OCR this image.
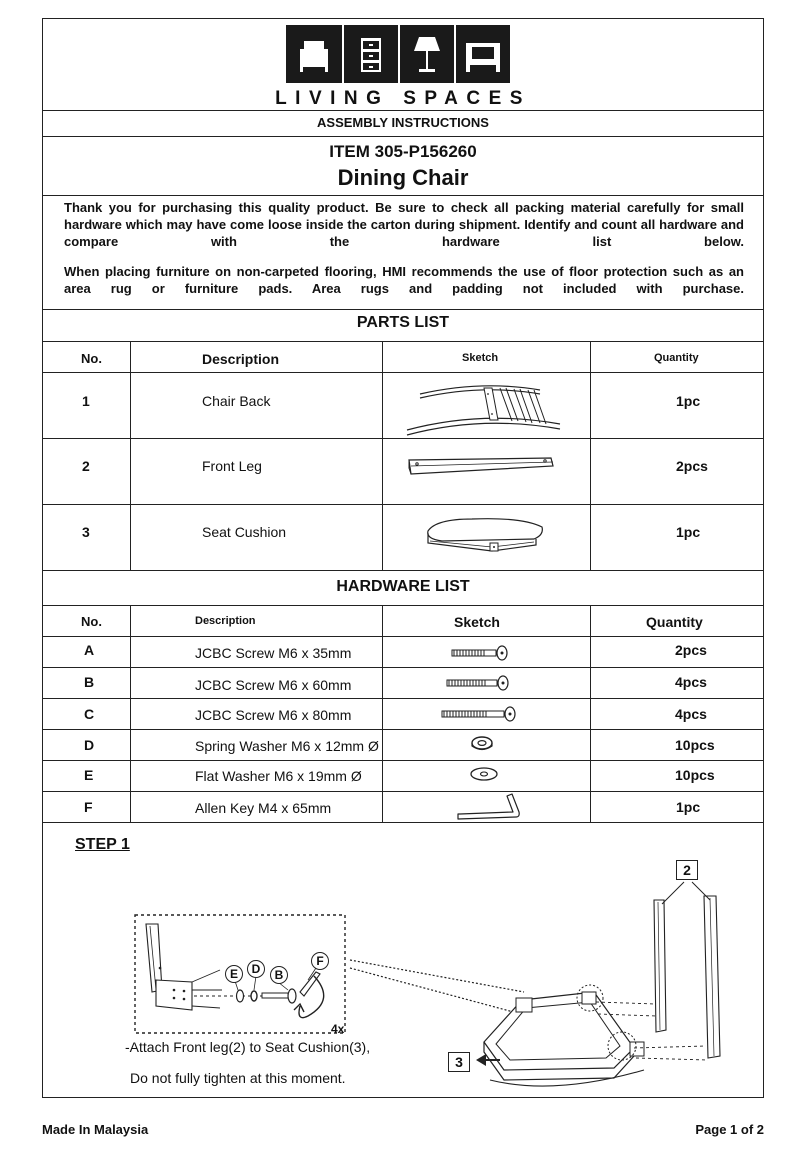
LIVING SPACES
ASSEMBLY INSTRUCTIONS
ITEM 305-P156260
Dining Chair
Thank you for purchasing this quality product. Be sure to check all packing material carefully for small hardware which may have come loose inside the carton during shipment. Identify and count all hardware and compare with the hardware list below.
When placing furniture on non-carpeted flooring, HMI recommends the use of floor protection such as an area rug or furniture pads. Area rugs and padding not included with purchase.
PARTS LIST
No.	Description	Sketch	Quantity
1	Chair Back	1pc
2	Front Leg	2pcs
3	Seat Cushion	1pc
HARDWARE LIST
No.	Description	Sketch	Quantity
A	JCBC Screw M6 x 35mm	2pcs
B	JCBC Screw M6 x 60mm	4pcs
C	JCBC Screw M6 x 80mm	4pcs
D	Spring Washer M6 x 12mm Ø	10pcs
E	Flat Washer M6 x 19mm Ø	10pcs
F	Allen Key M4 x 65mm	1pc
STEP 1
E	D	B
F
4x
2
3
-Attach Front leg(2) to Seat Cushion(3),
Do not fully tighten at this moment.
Made In Malaysia	Page 1 of 2
